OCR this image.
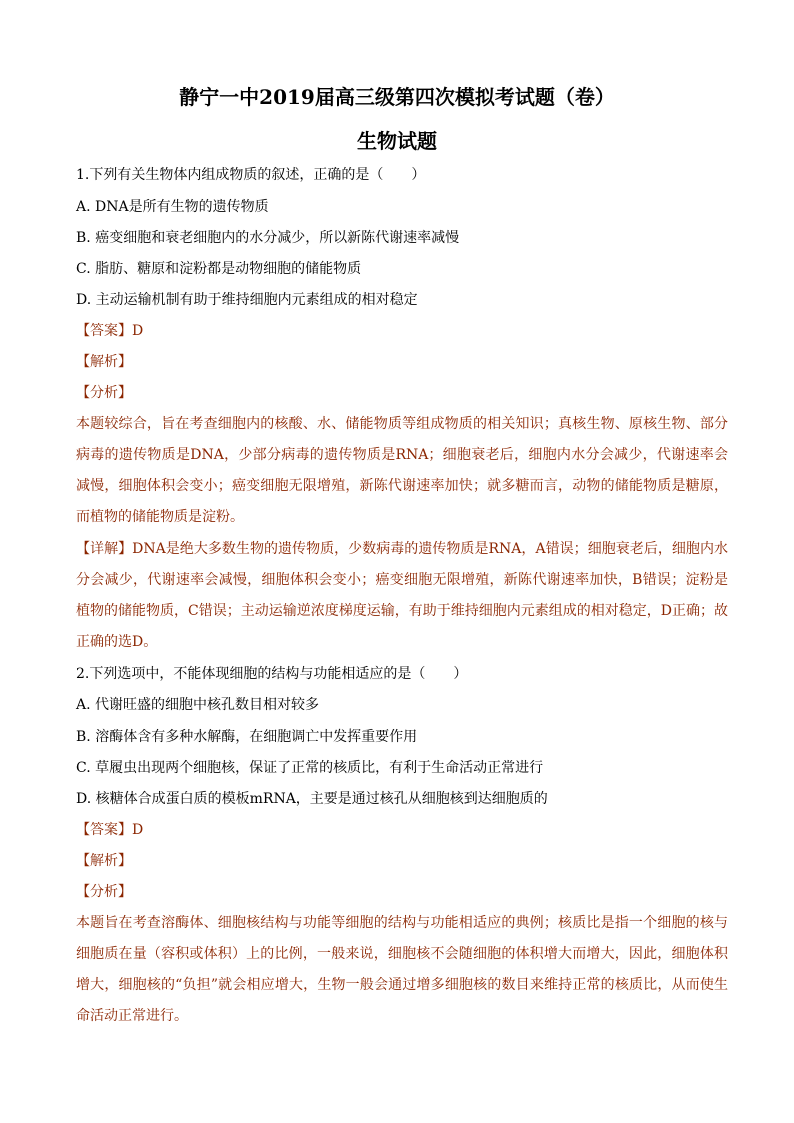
静宁一中2019届高三级第四次模拟考试题（卷）
生物试题
1.下列有关生物体内组成物质的叙述，正确的是（　　）
A. DNA是所有生物的遗传物质
B. 癌变细胞和衰老细胞内的水分减少，所以新陈代谢速率减慢
C. 脂肪、糖原和淀粉都是动物细胞的储能物质
D. 主动运输机制有助于维持细胞内元素组成的相对稳定
【答案】D
【解析】
【分析】
本题较综合，旨在考查细胞内的核酸、水、储能物质等组成物质的相关知识；真核生物、原核生物、部分病毒的遗传物质是DNA，少部分病毒的遗传物质是RNA；细胞衰老后，细胞内水分会减少，代谢速率会减慢，细胞体积会变小；癌变细胞无限增殖，新陈代谢速率加快；就多糖而言，动物的储能物质是糖原，而植物的储能物质是淀粉。
【详解】DNA是绝大多数生物的遗传物质，少数病毒的遗传物质是RNA，A错误；细胞衰老后，细胞内水分会减少，代谢速率会减慢，细胞体积会变小；癌变细胞无限增殖，新陈代谢速率加快，B错误；淀粉是植物的储能物质，C错误；主动运输逆浓度梯度运输，有助于维持细胞内元素组成的相对稳定，D正确；故正确的选D。
2.下列选项中，不能体现细胞的结构与功能相适应的是（　　）
A. 代谢旺盛的细胞中核孔数目相对较多
B. 溶酶体含有多种水解酶，在细胞调亡中发挥重要作用
C. 草履虫出现两个细胞核，保证了正常的核质比，有利于生命活动正常进行
D. 核糖体合成蛋白质的模板mRNA，主要是通过核孔从细胞核到达细胞质的
【答案】D
【解析】
【分析】
本题旨在考查溶酶体、细胞核结构与功能等细胞的结构与功能相适应的典例；核质比是指一个细胞的核与细胞质在量（容积或体积）上的比例，一般来说，细胞核不会随细胞的体积增大而增大，因此，细胞体积增大，细胞核的“负担”就会相应增大，生物一般会通过增多细胞核的数目来维持正常的核质比，从而使生命活动正常进行。
